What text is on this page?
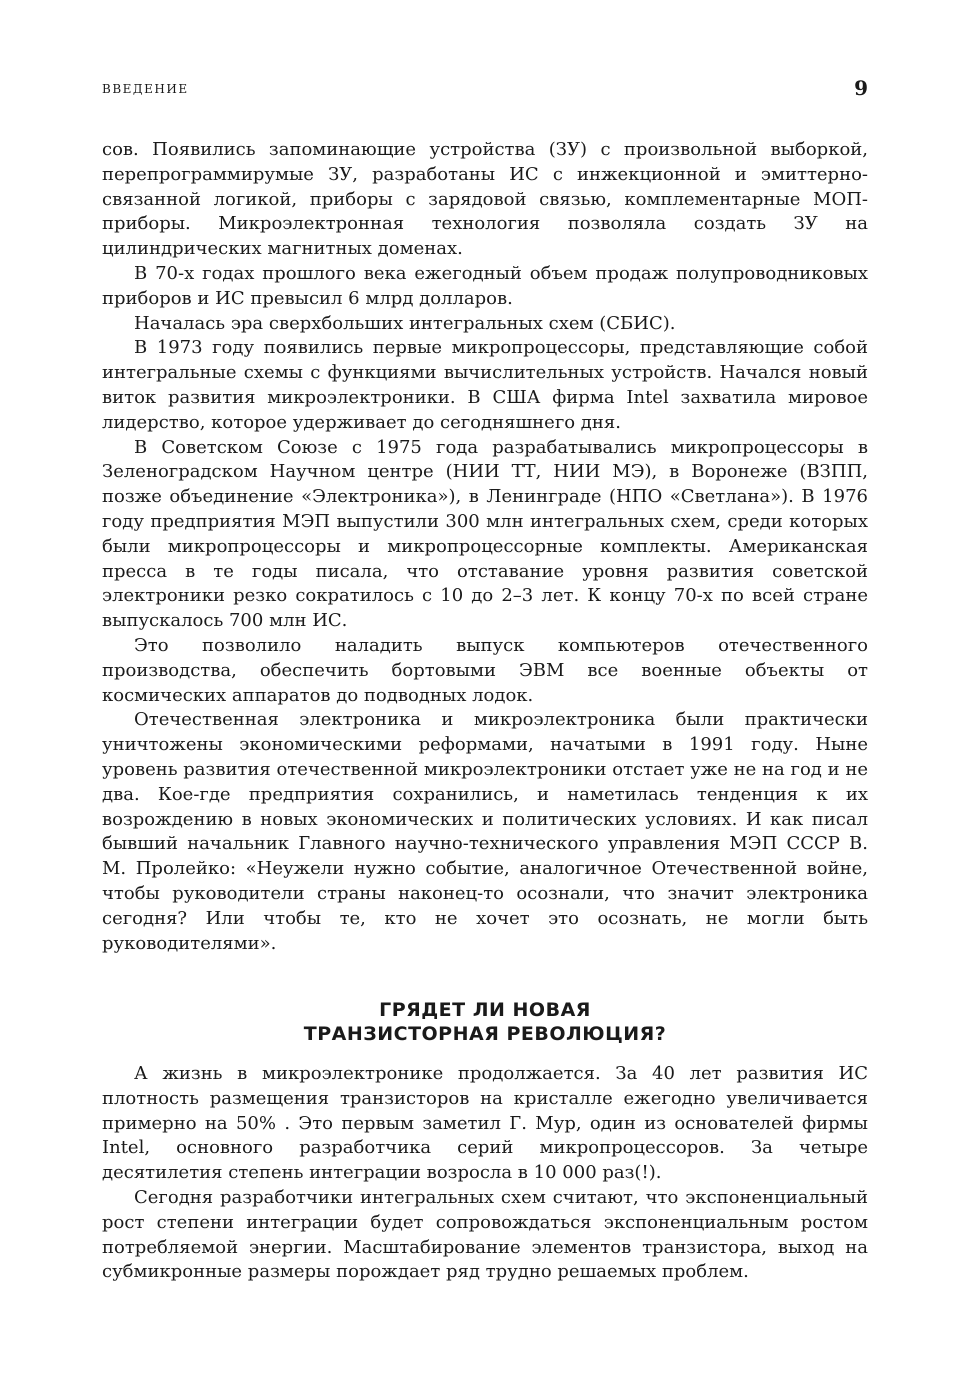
ВВЕДЕНИЕ	9

сов. Появились запоминающие устройства (ЗУ) с произвольной выборкой, перепрограммирумые ЗУ, разработаны ИС с инжекционной и эмиттерно-связанной логикой, приборы с зарядовой связью, комплементарные МОП-приборы. Микроэлектронная технология позволяла создать ЗУ на цилиндрических магнитных доменах.

В 70-х годах прошлого века ежегодный объем продаж полупроводниковых приборов и ИС превысил 6 млрд долларов.

Началась эра сверхбольших интегральных схем (СБИС).

В 1973 году появились первые микропроцессоры, представляющие собой интегральные схемы с функциями вычислительных устройств. Начался новый виток развития микроэлектроники. В США фирма Intel захватила мировое лидерство, которое удерживает до сегодняшнего дня.

В Советском Союзе с 1975 года разрабатывались микропроцессоры в Зеленоградском Научном центре (НИИ ТТ, НИИ МЭ), в Воронеже (ВЗПП, позже объединение «Электроника»), в Ленинграде (НПО «Светлана»). В 1976 году предприятия МЭП выпустили 300 млн интегральных схем, среди которых были микропроцессоры и микропроцессорные комплекты. Американская пресса в те годы писала, что отставание уровня развития советской электроники резко сократилось с 10 до 2–3 лет. К концу 70-х по всей стране выпускалось 700 млн ИС.

Это позволило наладить выпуск компьютеров отечественного производства, обеспечить бортовыми ЭВМ все военные объекты от космических аппаратов до подводных лодок.

Отечественная электроника и микроэлектроника были практически уничтожены экономическими реформами, начатыми в 1991 году. Ныне уровень развития отечественной микроэлектроники отстает уже не на год и не два. Кое-где предприятия сохранились, и наметилась тенденция к их возрождению в новых экономических и политических условиях. И как писал бывший начальник Главного научно-технического управления МЭП СССР В. М. Пролейко: «Неужели нужно событие, аналогичное Отечественной войне, чтобы руководители страны наконец-то осознали, что значит электроника сегодня? Или чтобы те, кто не хочет это осознать, не могли быть руководителями».

ГРЯДЕТ ЛИ НОВАЯ
ТРАНЗИСТОРНАЯ РЕВОЛЮЦИЯ?

А жизнь в микроэлектронике продолжается. За 40 лет развития ИС плотность размещения транзисторов на кристалле ежегодно увеличивается примерно на 50% . Это первым заметил Г. Мур, один из основателей фирмы Intel, основного разработчика серий микропроцессоров. За четыре десятилетия степень интеграции возросла в 10 000 раз(!).

Сегодня разработчики интегральных схем считают, что экспоненциальный рост степени интеграции будет сопровождаться экспоненциальным ростом потребляемой энергии. Масштабирование элементов транзистора, выход на субмикронные размеры порождает ряд трудно решаемых проблем.
